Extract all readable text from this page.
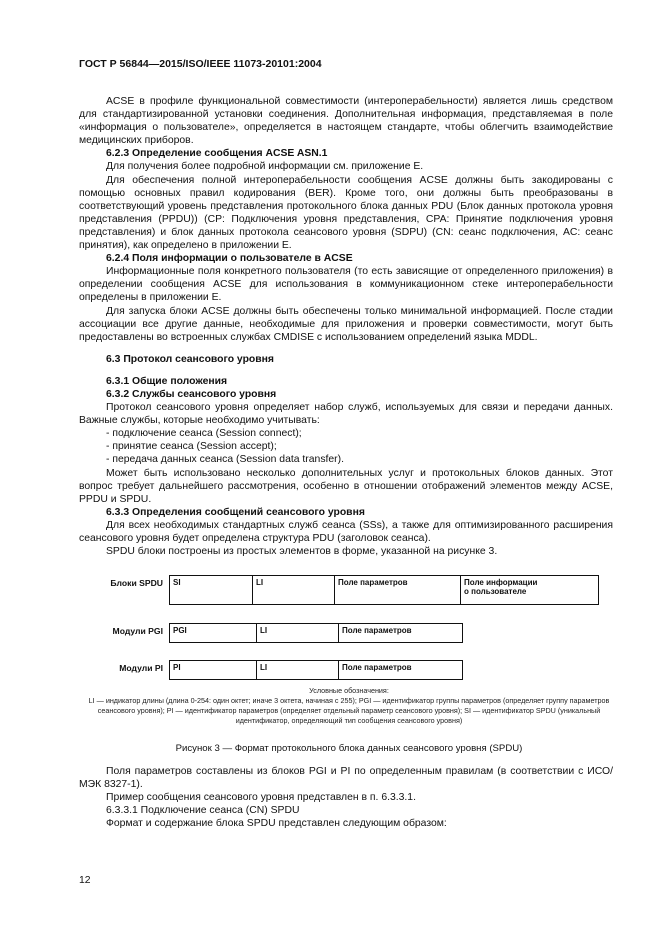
ГОСТ Р 56844—2015/ISO/IEEE 11073-20101:2004

ACSE в профиле функциональной совместимости (интероперабельности) является лишь средством для стандартизированной установки соединения. Дополнительная информация, представляемая в поле «информация о пользователе», определяется в настоящем стандарте, чтобы облегчить взаимодействие медицинских приборов.

6.2.3 Определение сообщения ACSE ASN.1

Для получения более подробной информации см. приложение Е.

Для обеспечения полной интероперабельности сообщения ACSE должны быть закодированы с помощью основных правил кодирования (BER). Кроме того, они должны быть преобразованы в соответствующий уровень представления протокольного блока данных PDU (Блок данных протокола уровня представления (PPDU)) (CP: Подключения уровня представления, CPA: Принятие подключения уровня представления) и блок данных протокола сеансового уровня (SDPU) (CN: сеанс подключения, AC: сеанс принятия), как определено в приложении Е.

6.2.4 Поля информации о пользователе в ACSE

Информационные поля конкретного пользователя (то есть зависящие от определенного приложения) в определении сообщения ACSE для использования в коммуникационном стеке интероперабельности определены в приложении Е.

Для запуска блоки ACSE должны быть обеспечены только минимальной информацией. После стадии ассоциации все другие данные, необходимые для приложения и проверки совместимости, могут быть предоставлены во встроенных службах CMDISE с использованием определений языка MDDL.

6.3 Протокол сеансового уровня

6.3.1 Общие положения

6.3.2 Службы сеансового уровня

Протокол сеансового уровня определяет набор служб, используемых для связи и передачи данных. Важные службы, которые необходимо учитывать:

- подключение сеанса (Session connect);

- принятие сеанса (Session accept);

- передача данных сеанса (Session data transfer).

Может быть использовано несколько дополнительных услуг и протокольных блоков данных. Этот вопрос требует дальнейшего рассмотрения, особенно в отношении отображений элементов между ACSE, PPDU и SPDU.

6.3.3 Определения сообщений сеансового уровня

Для всех необходимых стандартных служб сеанса (SSs), а также для оптимизированного расширения сеансового уровня будет определена структура PDU (заголовок сеанса).

SPDU блоки построены из простых элементов в форме, указанной на рисунке 3.

Блоки SPDU	SI	LI	Поле параметров	Поле информации
о пользователе
Модули PGI	PGI	LI	Поле параметров
Модули PI	PI	LI	Поле параметров
Условные обозначения:
LI — индикатор длины (длина 0-254: один октет; иначе 3 октета, начиная с 255); PGI — идентификатор группы параметров (определяет группу параметров сеансового уровня); PI — идентификатор параметров (определяет отдельный параметр сеансового уровня); SI — идентификатор SPDU (уникальный идентификатор, определяющий тип сообщения сеансового уровня)
Рисунок 3 — Формат протокольного блока данных сеансового уровня (SPDU)

Поля параметров составлены из блоков PGI и PI по определенным правилам (в соответствии с ИСО/МЭК 8327-1).

Пример сообщения сеансового уровня представлен в п. 6.3.3.1.

6.3.3.1 Подключение сеанса (CN) SPDU

Формат и содержание блока SPDU представлен следующим образом:

12
